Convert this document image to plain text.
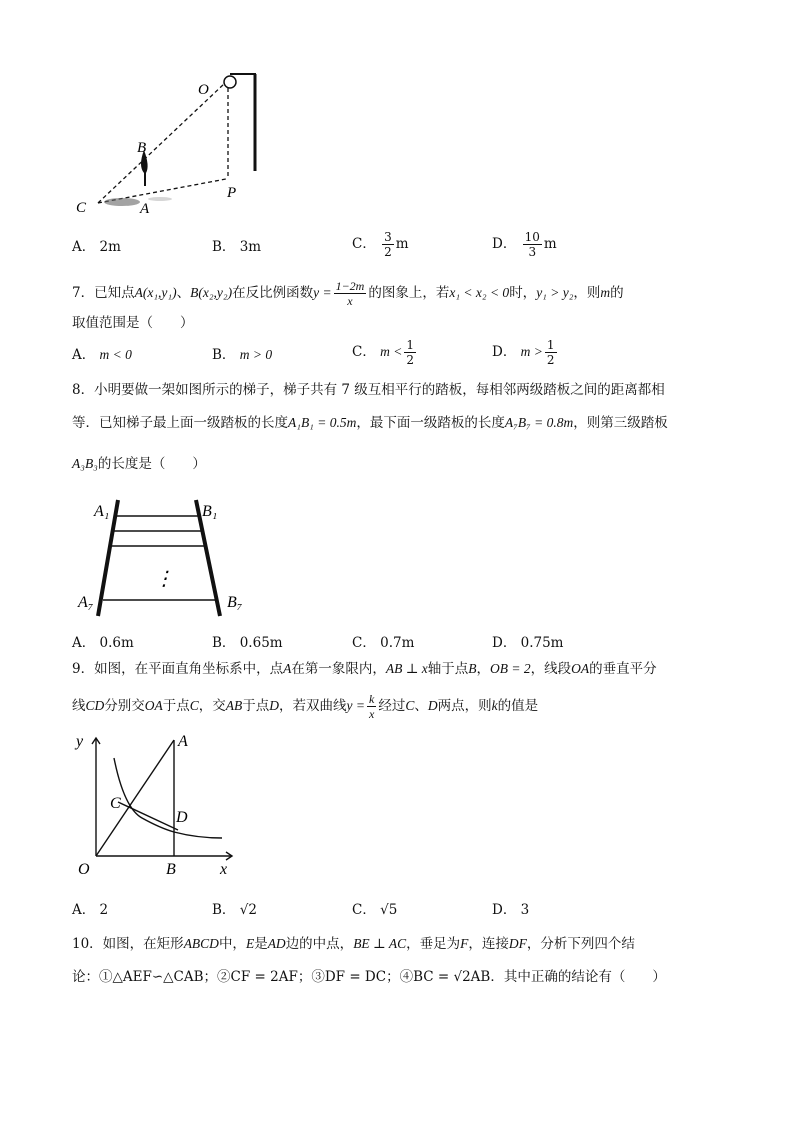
O
B
C	A
P
A． 2m	B． 3m	C． $\frac{3}{2}$ m	D． $\frac{10}{3}$ m
7．已知点A(x₁,y₁)、B(x₂,y₂)在反比例函数$y = \frac{1-2m}{x}$ 的图象上，若x₁ < x₂ < 0时，y₁ > y₂，则m的
取值范围是（　　）
A． m < 0	B． m > 0	C． $m < \frac{1}{2}$	D． $m > \frac{1}{2}$
8．小明要做一架如图所示的梯子，梯子共有 7 级互相平行的踏板，每相邻两级踏板之间的距离都相
等．已知梯子最上面一级踏板的长度A₁B₁ = 0.5m，最下面一级踏板的长度A₇B₇ = 0.8m，则第三级踏板
A₃B₃的长度是（　　）
⋮
A₁	B₁
A₇	B₇
A． 0.6m	B． 0.65m	C． 0.7m	D． 0.75m
9．如图，在平面直角坐标系中，点A在第一象限内，AB ⊥ x轴于点B，OB = 2，线段OA的垂直平分
线CD分别交OA于点C，交AB于点D，若双曲线$y = \frac{k}{x}$ 经过C、D两点，则k的值是
y
x
O
A
B
C
D
A． 2	B． √2	C． √5	D． 3
10．如图，在矩形ABCD中，E是AD边的中点，BE ⊥ AC，垂足为F，连接DF，分析下列四个结
论：①△AEF∽△CAB；②CF = 2AF；③DF = DC；④BC = √2AB．其中正确的结论有（　　）
